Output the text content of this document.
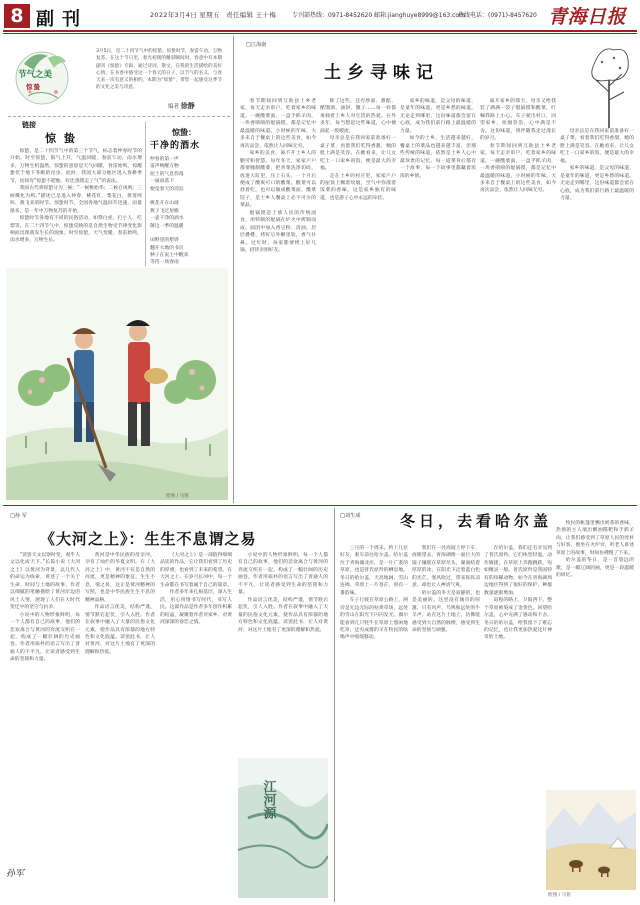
8 副刊	2022年3月4日 星期五 责任编辑 王十梅	专刊部热线：0971-8452620 邮箱:jianghuye8999@163.com
热线电话：(0971)-8457620 青海日报
节气之美
惊蛰
3月5日，是二十四节气中的惊蛰。惊蛰时节，春雷乍动，万物复苏。在这个节日里，春光初现的精彩瞬间时，春意中有本期副刊《惊蛰》专辑，通过诗词、散文、在我的生活描绘的美好心情，在书香中感受这一个春天的日子，以节气的名义，与春天来一次有意义的相约。本期为“惊蛰”，带您一起感受这季节的文化之美与诗意。
编者 徐静
链接
惊 蛰

惊蛰，是二十四节气中的第三个节气，标志着仲春时节的开始。时至惊蛰，阳气上升，气温回暖，春雷乍动，雨水增多，万物生机盎然。惊蛰的意思是天气回暖，春雷始鸣，惊醒蛰伏于地下冬眠的昆虫。此时，我国大部分地区进入春耕季节，民间有“惊蛰不耙地，好比蒸馍走了气”的说法。

我国古代将惊蛰分为三候：“一候桃始华；二候仓庚鸣；三候鹰化为鸠。”描述已是进入仲春，桃花红、梨花白，黄莺鸣叫、燕飞来的时节。惊蛰时节，全国各地气温回升迅速，雨量渐多，是一年中万物复苏的开始。

惊蛰时节各地有不同的民俗活动，如祭白虎、打小人、吃梨等。在二十四节气中，惊蛰反映的是自然生物受节律变化影响而出现萌发生长的现象。时至惊蛰，天气变暖，春雷始鸣，雨水增多，万物生长。

惊蛰：
干净的酒水
仲春的第一声
雷声唤醒万物
泥土的气息弥漫
一滴雨落下
便是春天的消息
桃花开在山坡
燕子飞过屋檐
一壶干净的酒水
敬这一季的温暖
田野里的犁铧
翻开大地的书页
种子在泥土中醒来
等待一场春雨
绘图 / 马铭
□江海南
土乡寻味记

春节期间回到互助县土乡老家，每天走亲串户，吃着家乡的味道。一碗酸菜面，一盘手抓羊肉，一块香喷喷的焜锅馍，都是记忆中最温暖的味道。小时候的年味，大多来自于餐桌上的这些美食，如今再次品尝，依然让人回味无穷。

家乡的美食，离不开土乡人的勤劳和智慧。每年冬天，家家户户都要腌制酸菜，把青菜洗净切碎，放进大缸里，压上石头，一个月后便成了酸爽可口的酸菜。酸菜可以炒着吃，也可以做成酸菜面、酸菜饺子，是土乡人餐桌上必不可少的菜品。

焜锅馍是土族人民的传统面食，用特制的焜锅在炉火中烤制而成。面团中加入香豆粉、清油，层层叠叠，烤好后外酥里软，香气扑鼻。过年时，每家都要烤上好几锅，招待亲朋好友。

除了这些，还有炒面、甜醅、酩馏酒、油饼、馓子……每一样都承载着土乡人对生活的热爱。在外多年，每当想起这些味道，心中便涌起一股暖流。

母亲总是在我回家前准备好一桌子菜，看着我们吃得香甜，她的脸上满是笑容。在她看来，让儿女吃上一口家乡的饭，便是最大的幸福。

走在土乡的村庄里，家家户户的屋顶上飘着炊烟，空气中弥漫着饭菜的香味。这是家乡独有的味道，也是游子心中永远的牵挂。

家乡的味道，是父母的味道，是童年的味道，更是乡愁的味道。无论走到哪里，这份味道都会留在心底，成为我们前行路上最温暖的力量。

如今的土乡，生活越来越好，餐桌上的菜品也越来越丰富，但那些传统的味道，依然是土乡人心中最珍贵的记忆。每一道菜背后都有一个故事，每一个故事里都藏着浓浓的乡情。

离开家乡的那天，母亲又给我装了满满一袋子焜锅馍和酸菜，叮嘱我路上小心。车子驶出村口，回望家乡，炊烟袅袅，心中满是不舍。这份味道，将伴随我走过漫长的岁月。

春节期间回到互助县土乡老家，每天走亲串户，吃着家乡的味道。一碗酸菜面，一盘手抓羊肉，一块香喷喷的焜锅馍，都是记忆中最温暖的味道。小时候的年味，大多来自于餐桌上的这些美食，如今再次品尝，依然让人回味无穷。

母亲总是在我回家前准备好一桌子菜，看着我们吃得香甜，她的脸上满是笑容。在她看来，让儿女吃上一口家乡的饭，便是最大的幸福。

家乡的味道，是父母的味道，是童年的味道，更是乡愁的味道。无论走到哪里，这份味道都会留在心底，成为我们前行路上最温暖的力量。

□孙 军
《大河之上》：生生不息谓之易

“读罢天文以察时变，观乎人文以化成天下。”长篇小说《大河之上》以黄河为背景，以几代人的命运为线索，讲述了一个关于生命、时间与土地的故事。作者以细腻的笔触描绘了黄河岸边的风土人情，展现了人们在大时代变迁中的坚守与抗争。

小说中的人物形象鲜明，每一个人都有自己的故事，他们的悲欢离合与黄河的奔流交织在一起，构成了一幅壮阔的历史画卷。作者用质朴的语言写出了普通人的不平凡，让读者感受到生命的坚韧和力量。

黄河是中华民族的母亲河，孕育了灿烂的华夏文明。在《大河之上》中，黄河不仅是自然的河流，更是精神的象征。生生不息，谓之易，这正是黄河精神的写照，也是中华民族生生不息的精神品格。

作品语言优美，结构严谨，情节跌宕起伏，引人入胜。作者在叙事中融入了大量的民俗文化元素，使作品具有浓郁的地方特色和文化底蕴。读罢此书，让人对黄河、对这片土地有了更深的理解和热爱。

《大河之上》是一部值得细细品读的作品，它让我们看到了历史的厚重，也看到了未来的希望。在大河之上，在岁月长河中，每一个生命都在书写着属于自己的篇章。

作者多年来扎根基层，深入生活，用心用情书写时代，书写人民。这部作品是作者多年创作积累的结晶，凝聚着作者对家乡、对黄河深深的眷恋之情。

小说中的人物形象鲜明，每一个人都有自己的故事，他们的悲欢离合与黄河的奔流交织在一起，构成了一幅壮阔的历史画卷。作者用质朴的语言写出了普通人的不平凡，让读者感受到生命的坚韧和力量。

作品语言优美，结构严谨，情节跌宕起伏，引人入胜。作者在叙事中融入了大量的民俗文化元素，使作品具有浓郁的地方特色和文化底蕴。读罢此书，让人对黄河、对这片土地有了更深的理解和热爱。

江河源
孙军
□刘生成	冬日，去看哈尔盖

三月的一个周末，约上几位好友，驱车前往哈尔盖。哈尔盖位于青海湖北岸，是一片广袤的草原，也是普氏原羚的栖息地。冬日的哈尔盖，天高地阔，雪山连绵，草原上一片苍茫，别有一番韵味。

车子行驶在草原公路上，两旁是无边无际的枯黄草场，远处的雪山在阳光下闪闪发光。偶尔能看到几只牦牛在草原上悠闲地吃草，还有成群的羊在牧民的吆喝声中缓缓移动。

我们在一处高坡上停下车，放眼望去，青海湖像一面巨大的镜子镶嵌在草原尽头，湖面结着厚厚的冰，在阳光下泛着蓝白色的光芒。寒风吹过，带来阵阵凉意，却也让人神清气爽。

哈尔盖的冬天是寂静的，也是美丽的。这里没有城市的喧嚣，只有风声、鸟鸣和远处的牛羊声。站在这片土地上，仿佛能感受到大自然的脉搏，感受到生命的坚韧与顽强。

在哈尔盖，我们还有幸见到了普氏原羚。它们体型轻盈，动作敏捷，在草原上奔跑跳跃，宛如精灵一般。普氏原羚是我国特有的珍稀动物，如今在青海湖周边地区得到了很好的保护，种群数量逐渐增加。

返程的路上，夕阳西下，整个草原被染成了金黄色。回望哈尔盖，心中充满了感动和不舍。冬日的哈尔盖，给我留下了难忘的记忆，也让我更加热爱这片神奇的土地。

牧民的帐篷里飘出奶茶的香味，热情的主人端出酥油糌粑和手抓羊肉，让我们感受到了草原人民的淳朴与好客。围坐在火炉旁，听老人讲述草原上的故事，时间仿佛慢了下来。

哈尔盖的冬日，是一首悠远的歌，是一幅辽阔的画，更是一段温暖的回忆。

绘图 / 马铭
